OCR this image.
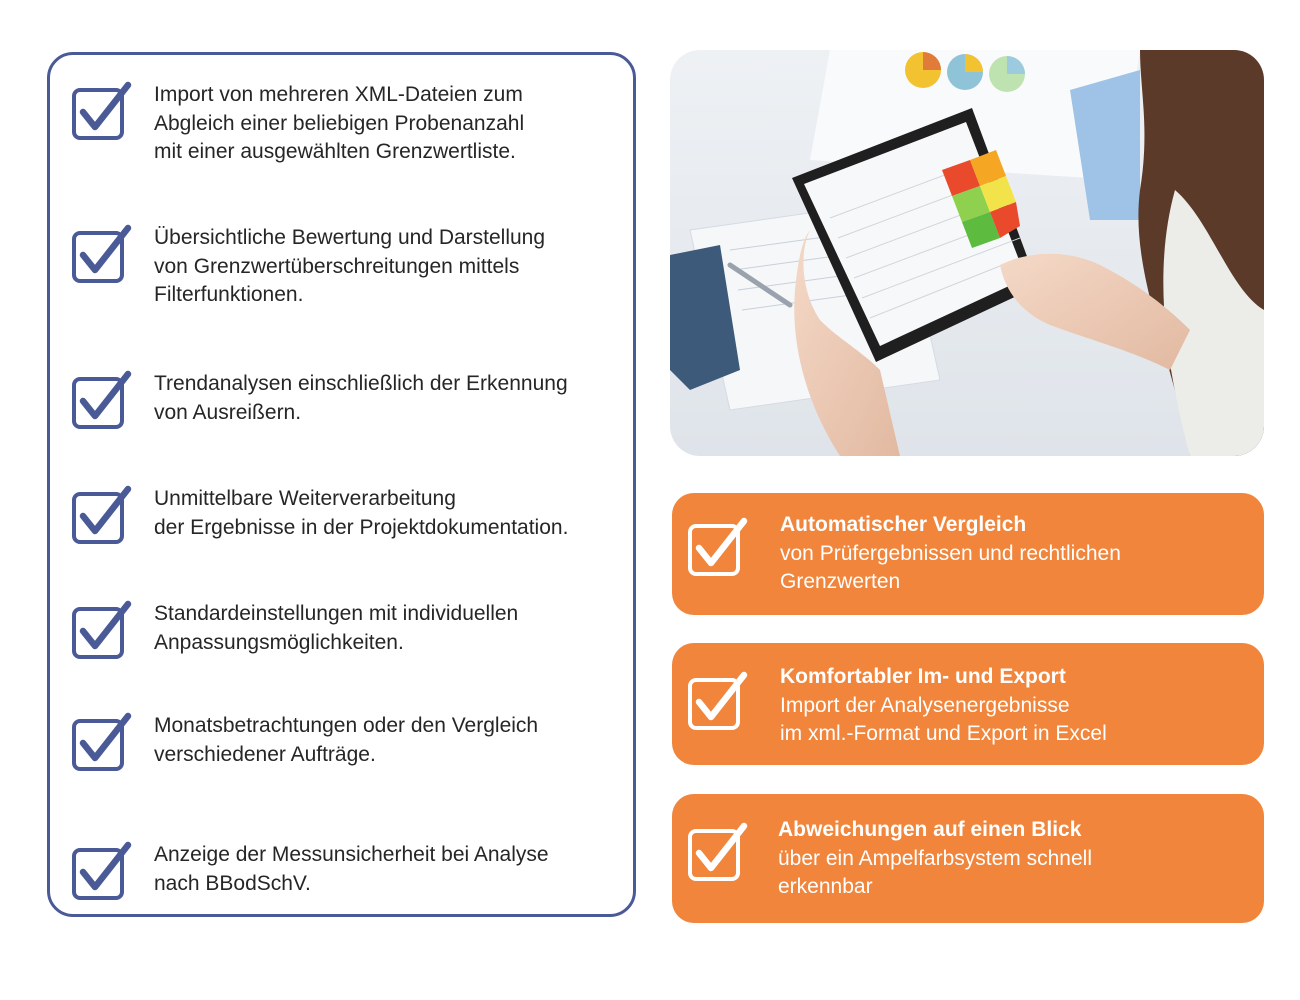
Import von mehreren XML-Dateien zum
Abgleich einer beliebigen Probenanzahl
mit einer ausgewählten Grenzwertliste.
Übersichtliche Bewertung und Darstellung
von Grenzwertüberschreitungen mittels
Filterfunktionen.
Trendanalysen einschließlich der Erkennung
von Ausreißern.
Unmittelbare Weiterverarbeitung
der Ergebnisse in der Projektdokumentation.
Standardeinstellungen mit individuellen
Anpassungsmöglichkeiten.
Monatsbetrachtungen oder den Vergleich
verschiedener Aufträge.
Anzeige der Messunsicherheit bei Analyse
nach BBodSchV.
Automatischer Vergleich
von Prüfergebnissen und rechtlichen
Grenzwerten
Komfortabler Im- und Export
Import der Analysenergebnisse
im xml.-Format und Export in Excel
Abweichungen auf einen Blick
über ein Ampelfarbsystem schnell
erkennbar
